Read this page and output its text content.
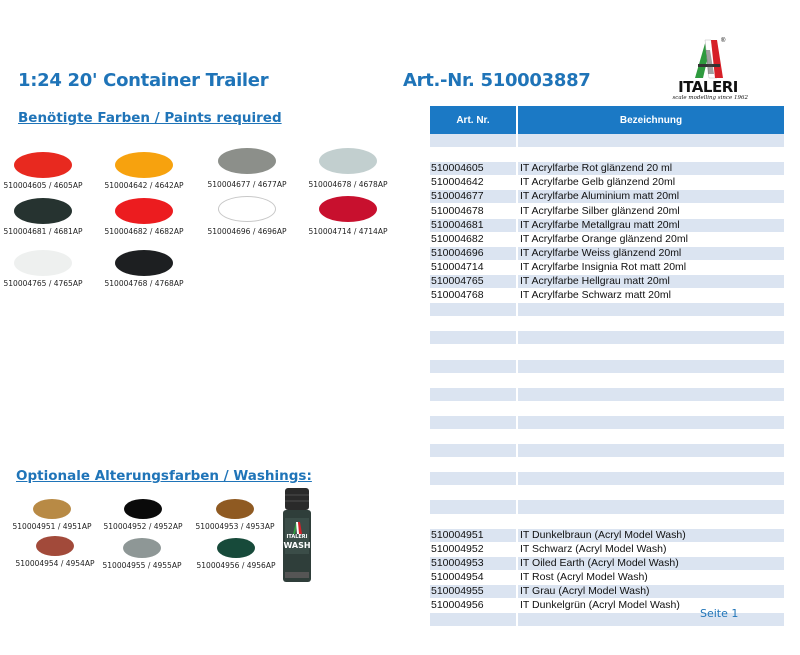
1:24 20' Container Trailer	Art.-Nr. 510003887
®
ITALERI
scale modelling since 1962
Benötigte Farben / Paints required
510004605 / 4605AP	510004642 / 4642AP	510004677 / 4677AP	510004678 / 4678AP
510004681 / 4681AP	510004682 / 4682AP	510004696 / 4696AP	510004714 / 4714AP
510004765 / 4765AP	510004768 / 4768AP
Optionale Alterungsfarben / Washings:
510004951 / 4951AP	510004952 / 4952AP	510004953 / 4953AP
510004954 / 4954AP	510004955 / 4955AP	510004956 / 4956AP
ITALERI
WASH
Art. Nr.	Bezeichnung

510004605	IT Acrylfarbe Rot glänzend 20 ml
510004642	IT Acrylfarbe Gelb glänzend 20ml
510004677	IT Acrylfarbe Aluminium matt 20ml
510004678	IT Acrylfarbe Silber glänzend 20ml
510004681	IT Acrylfarbe Metallgrau matt 20ml
510004682	IT Acrylfarbe Orange glänzend 20ml
510004696	IT Acrylfarbe Weiss glänzend 20ml
510004714	IT Acrylfarbe Insignia Rot matt 20ml
510004765	IT Acrylfarbe Hellgrau matt 20ml
510004768	IT Acrylfarbe Schwarz matt 20ml

510004951	IT Dunkelbraun (Acryl Model Wash)
510004952	IT Schwarz (Acryl Model Wash)
510004953	IT Oiled Earth (Acryl Model Wash)
510004954	IT Rost (Acryl Model Wash)
510004955	IT Grau (Acryl Model Wash)
510004956	IT Dunkelgrün (Acryl Model Wash)

Seite 1
